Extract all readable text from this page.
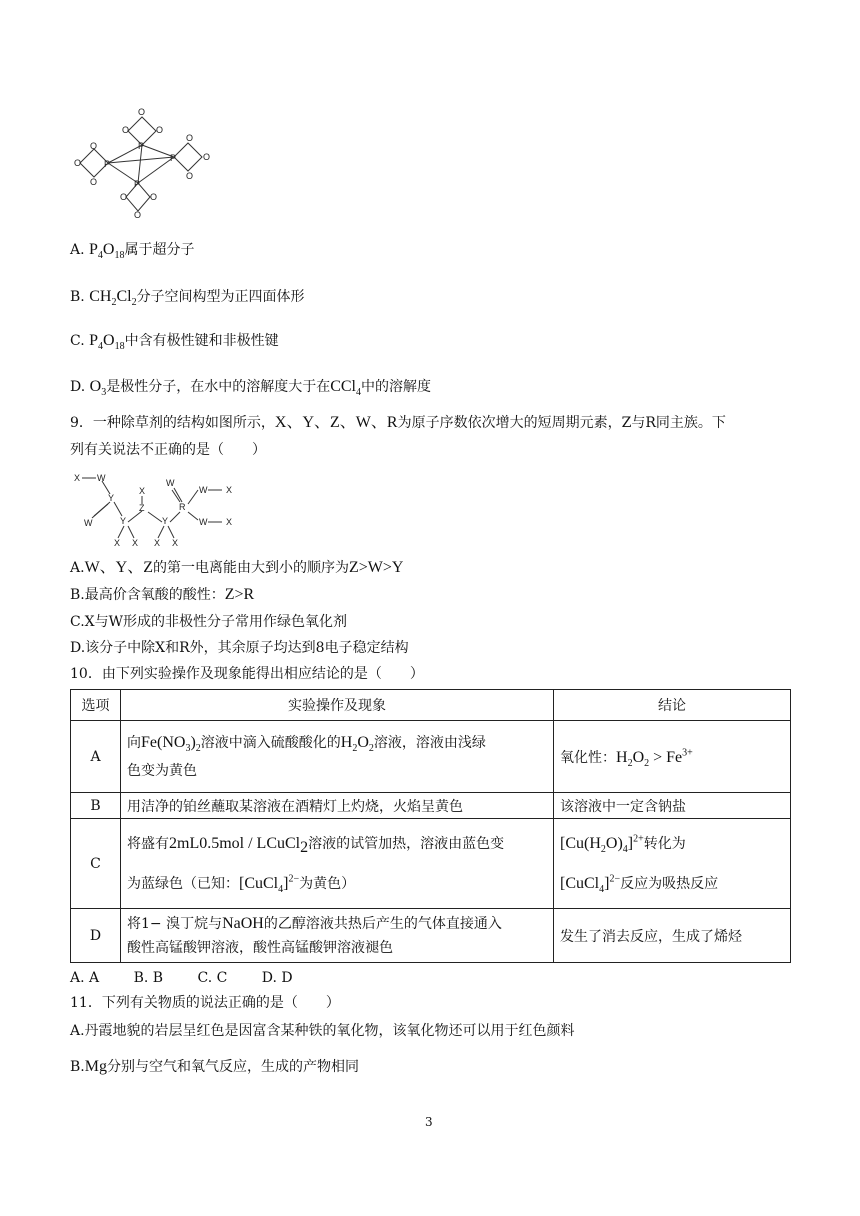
P
P
P
P
O
O	O
O
O
O
O
O
O
O	O
O
A. $P_4O_{18}$属于超分子
B. $CH_2Cl_2$分子空间构型为正四面体形
C. $P_4O_{18}$中含有极性键和非极性键
D. $O_3$是极性分子，在水中的溶解度大于在CCl$_4$中的溶解度
9．一种除草剂的结构如图所示，X、Y、Z、W、R为原子序数依次增大的短周期元素，Z与R同主族。下
列有关说法不正确的是（　　）
X W
Y
W	Y
X X
X
Z
Y
X X
W
R
W X
W X
A.W、Y、Z的第一电离能由大到小的顺序为Z>W>Y
B.最高价含氧酸的酸性：Z>R
C.X与W形成的非极性分子常用作绿色氧化剂
D.该分子中除X和R外，其余原子均达到8电子稳定结构
10．由下列实验操作及现象能得出相应结论的是（　　）
选项	实验操作及现象	结论
A	向$Fe(NO_3)_2$溶液中滴入硫酸酸化的$H_2O_2$溶液，溶液由浅绿
色变为黄色	氧化性：$H_2O_2 > Fe^{3+}$
B	用洁净的铂丝蘸取某溶液在酒精灯上灼烧，火焰呈黄色	该溶液中一定含钠盐
C	将盛有2mL0.5mol / LCuCl$_2$溶液的试管加热，溶液由蓝色变
为蓝绿色（已知：[CuCl$_4$]$^{2-}$为黄色）	$[Cu(H_2O)_4]^{2+}$转化为
[CuCl$_4$]$^{2-}$反应为吸热反应
D	将1− 溴丁烷与NaOH的乙醇溶液共热后产生的气体直接通入
酸性高锰酸钾溶液，酸性高锰酸钾溶液褪色	发生了消去反应，生成了烯烃
A. A B. B C. C D. D
11．下列有关物质的说法正确的是（　　）
A.丹霞地貌的岩层呈红色是因富含某种铁的氧化物，该氧化物还可以用于红色颜料
B.Mg分别与空气和氧气反应，生成的产物相同
3
